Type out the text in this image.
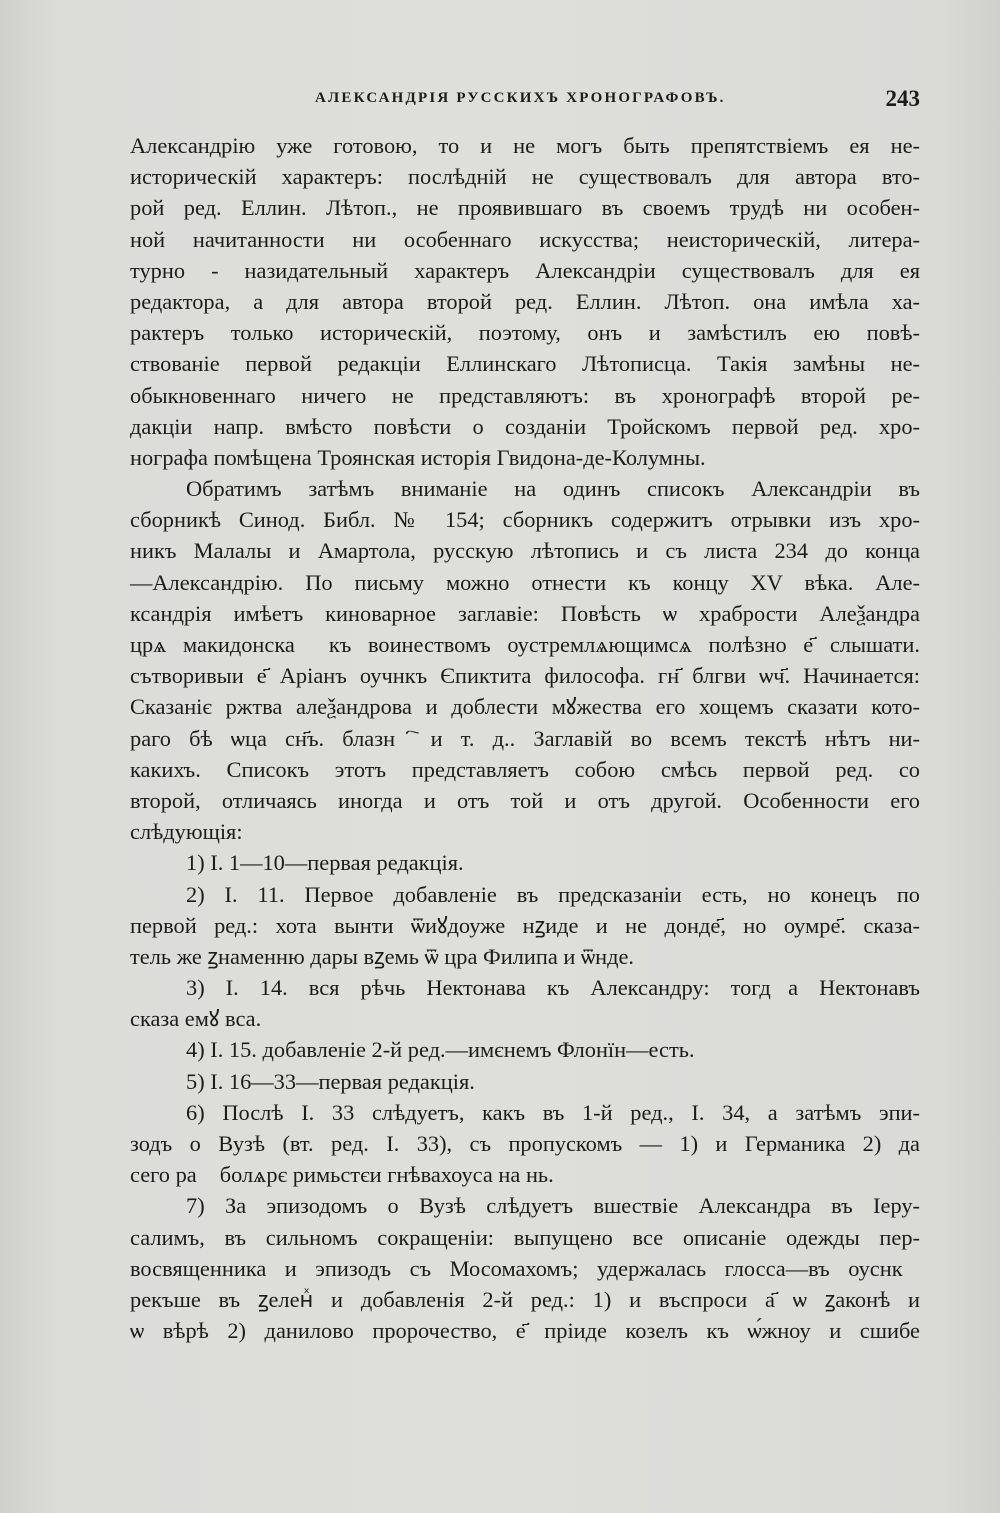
АЛЕКСАНДРІЯ РУССКИХЪ ХРОНОГРАФОВЪ.	243
Александрію уже готовою, то и не могъ быть препятствіемъ ея не-
историческій характеръ: послѣдній не существовалъ для автора вто-
рой ред. Еллин. Лѣтоп., не проявившаго въ своемъ трудѣ ни особен-
ной начитанности ни особеннаго искусства; неисторическій, литера-
турно - назидательный характеръ Александріи существовалъ для ея
редактора, а для автора второй ред. Еллин. Лѣтоп. она имѣла ха-
рактеръ только историческій, поэтому, онъ и замѣстилъ ею повѣ-
ствованіе первой редакціи Еллинскаго Лѣтописца. Такія замѣны не-
обыкновеннаго ничего не представляютъ: въ хронографѣ второй ре-
дакціи напр. вмѣсто повѣсти о созданіи Тройскомъ первой ред. хро-
нографа помѣщена Троянская исторія Гвидона-де-Колумны.
Обратимъ затѣмъ вниманіе на одинъ списокъ Александріи въ
сборникѣ Синод. Библ. № 154; сборникъ содержитъ отрывки изъ хро-
никъ Малалы и Амартола, русскую лѣтопись и съ листа 234 до конца
—Александрію. По письму можно отнести къ концу XV вѣка. Але-
ксандрія имѣетъ киноварное заглавіе: Повѣсть ѡ храбрости Алеѯандра
црѧ макидонскаⷢ къ воинествомъ оустремлѧющимсѧ полѣзно е҃ слышати.
сътворивыи е҃ Аріанъ оучнкъ Єпиктита философа. гн҃ блгви ѡч҃. Начинается:
Сказаніє ржтва алеѯандрова и доблести мꙋжества его хощемъ сказати кото-
раго бѣ ѡца сн҃ъ. блазнⷩ҇ и т. д.. Заглавій во всемъ текстѣ нѣтъ ни-
какихъ. Списокъ этотъ представляетъ собою смѣсь первой ред. со
второй, отличаясь иногда и отъ той и отъ другой. Особенности его
слѣдующія:
1) I. 1—10—первая редакція.
2) I. 11. Первое добавленіе въ предсказаніи есть, но конецъ по
первой ред.: хота вынти ѿиꙋдоуже нꙁиде и не донде҃, но оумре҃. сказа-
тель же ꙁнаменню дары вꙁемь ѿ цра Филипа и ѿнде.
3) I. 14. вся рѣчь Нектонава къ Александру: тогдⷣа Нектонавъ
сказа емꙋ вса.
4) I. 15. добавленіе 2-й ред.—имєнемъ Флонїн—есть.
5) I. 16—33—первая редакція.
6) Послѣ I. 33 слѣдуетъ, какъ въ 1-й ред., I. 34, а затѣмъ эпи-
зодъ о Вузѣ (вт. ред. I. 33), съ пропускомъ — 1) и Германика 2) да
сего раⷣ болѧрє римьстєи гнѣвахоуса на нь.
7) За эпизодомъ о Вузѣ слѣдуетъ вшествіе Александра въ Іеру-
салимъ, въ сильномъ сокращеніи: выпущено все описаніе одежды пер-
восвященника и эпизодъ съ Мосомахомъ; удержалась глосса—въ оуснкⷯ
рекъше въ ꙁеленⷯ и добавленія 2-й ред.: 1) и въспроси а҃ ѡ ꙁаконѣ и
ѡ вѣрѣ 2) данилово пророчество, е҃ пріиде козелъ къ ѡ́жноу и сшибе
